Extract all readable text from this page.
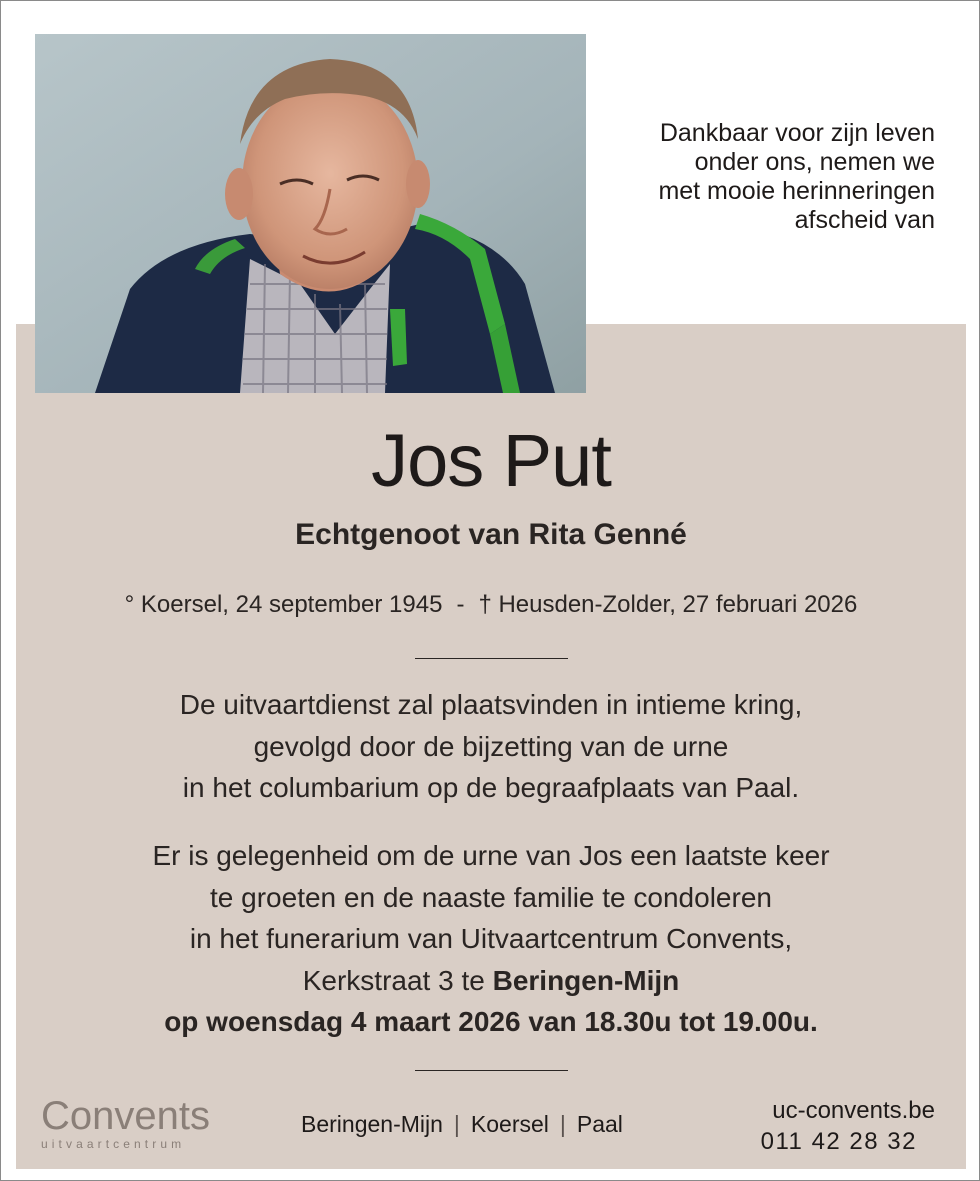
Dankbaar voor zijn leven
onder ons, nemen we
met mooie herinneringen
afscheid van
Jos Put
Echtgenoot van Rita Genné
° Koersel, 24 september 1945 - † Heusden-Zolder, 27 februari 2026
De uitvaartdienst zal plaatsvinden in intieme kring,
gevolgd door de bijzetting van de urne
in het columbarium op de begraafplaats van Paal.
Er is gelegenheid om de urne van Jos een laatste keer
te groeten en de naaste familie te condoleren
in het funerarium van Uitvaartcentrum Convents,
Kerkstraat 3 te Beringen-Mijn
op woensdag 4 maart 2026 van 18.30u tot 19.00u.
Convents
uitvaartcentrum
Beringen-Mijn | Koersel | Paal	uc-convents.be
011 42 28 32
